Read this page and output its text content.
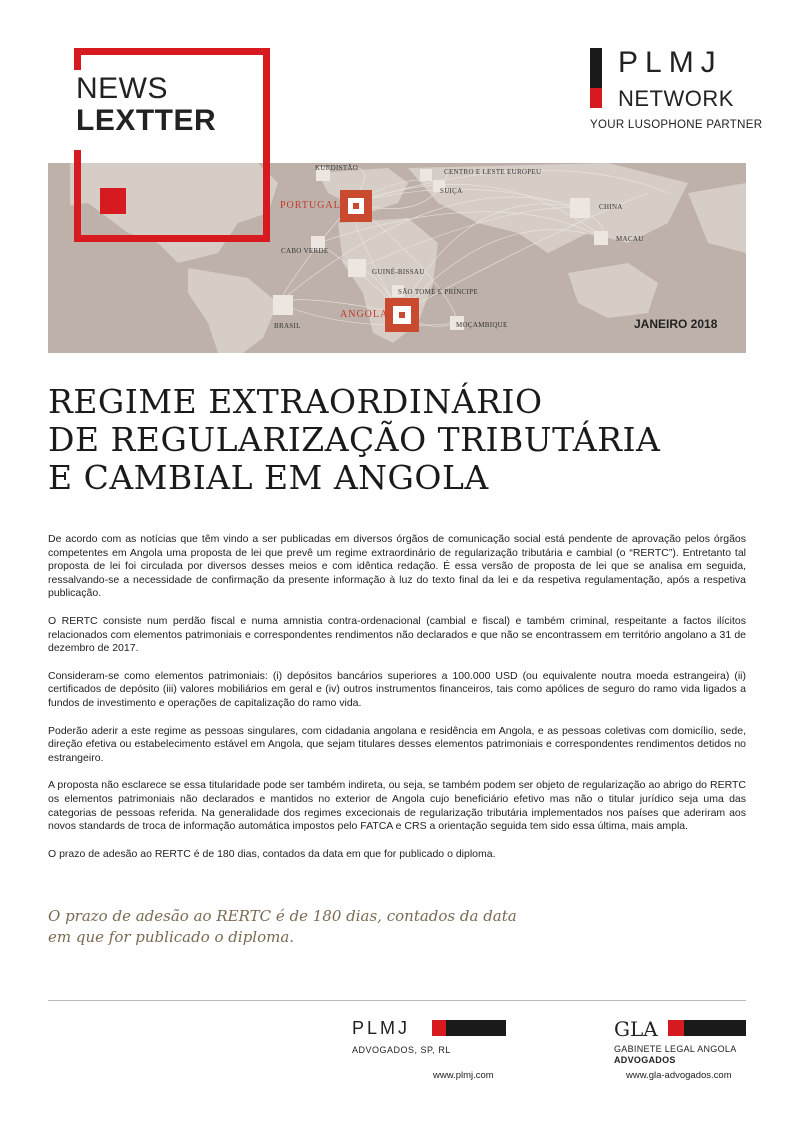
NEWS
LEXTTER
PLMJ
NETWORK
YOUR LUSOPHONE PARTNER
KURDISTÃO
PORTUGAL
CENTRO E LESTE EUROPEU
SUIÇA
CHINA
MACAU
CABO VERDE
GUINÉ-BISSAU
SÃO TOMÉ E PRÍNCIPE
ANGOLA
MOÇAMBIQUE
BRASIL	JANEIRO 2018
REGIME EXTRAORDINÁRIO
DE REGULARIZAÇÃO TRIBUTÁRIA
E CAMBIAL EM ANGOLA

De acordo com as notícias que têm vindo a ser publicadas em diversos órgãos de comunicação social está pendente de aprovação pelos órgãos competentes em Angola uma proposta de lei que prevê um regime extraordinário de regularização tributária e cambial (o “RERTC”). Entretanto tal proposta de lei foi circulada por diversos desses meios e com idêntica redação. É essa versão de proposta de lei que se analisa em seguida, ressalvando-se a necessidade de confirmação da presente informação à luz do texto final da lei e da respetiva regulamentação, após a respetiva publicação.

O RERTC consiste num perdão fiscal e numa amnistia contra-ordenacional (cambial e fiscal) e também criminal, respeitante a factos ilícitos relacionados com elementos patrimoniais e correspondentes rendimentos não declarados e que não se encontrassem em território angolano a 31 de dezembro de 2017.

Consideram-se como elementos patrimoniais: (i) depósitos bancários superiores a 100.000 USD (ou equivalente noutra moeda estrangeira) (ii) certificados de depósito (iii) valores mobiliários em geral e (iv) outros instrumentos financeiros, tais como apólices de seguro do ramo vida ligados a fundos de investimento e operações de capitalização do ramo vida.

Poderão aderir a este regime as pessoas singulares, com cidadania angolana e residência em Angola, e as pessoas coletivas com domicílio, sede, direção efetiva ou estabelecimento estável em Angola, que sejam titulares desses elementos patrimoniais e correspondentes rendimentos detidos no estrangeiro.

A proposta não esclarece se essa titularidade pode ser também indireta, ou seja, se também podem ser objeto de regularização ao abrigo do RERTC os elementos patrimoniais não declarados e mantidos no exterior de Angola cujo beneficiário efetivo mas não o titular jurídico seja uma das categorias de pessoas referida. Na generalidade dos regimes excecionais de regularização tributária implementados nos países que aderiram aos novos standards de troca de informação automática impostos pelo FATCA e CRS a orientação seguida tem sido essa última, mais ampla.

O prazo de adesão ao RERTC é de 180 dias, contados da data em que for publicado o diploma.

O prazo de adesão ao RERTC é de 180 dias, contados da data
em que for publicado o diploma.
PLMJ
ADVOGADOS, SP, RL
www.plmj.com
GLA
GABINETE LEGAL ANGOLA
ADVOGADOS
www.gla-advogados.com
